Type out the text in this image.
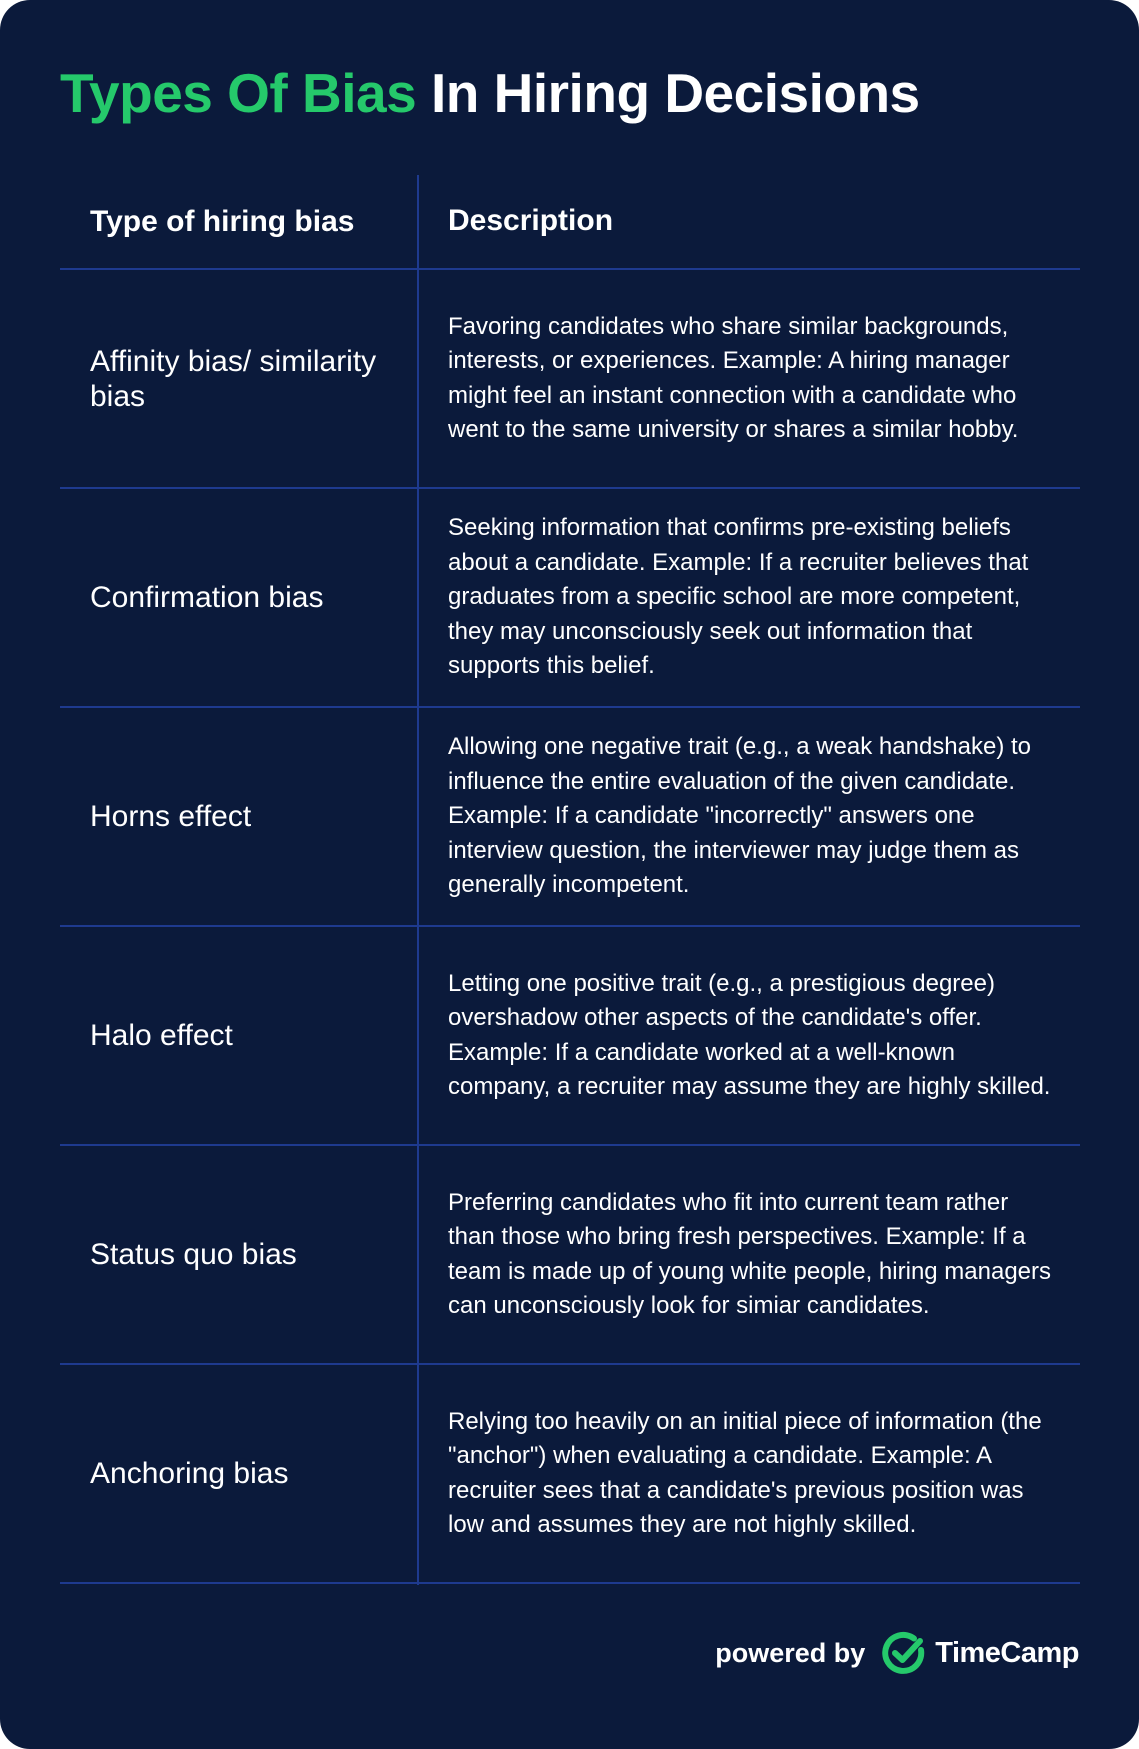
Types Of Bias In Hiring Decisions
Type of hiring bias	Description
Affinity bias/ similarity bias
Favoring candidates who share similar backgrounds, interests, or experiences. Example: A hiring manager might feel an instant connection with a candidate who went to the same university or shares a similar hobby.
Confirmation bias
Seeking information that confirms pre-existing beliefs about a candidate. Example: If a recruiter believes that graduates from a specific school are more competent, they may unconsciously seek out information that supports this belief.
Horns effect
Allowing one negative trait (e.g., a weak handshake) to influence the entire evaluation of the given candidate. Example: If a candidate "incorrectly" answers one interview question, the interviewer may judge them as generally incompetent.
Halo effect
Letting one positive trait (e.g., a prestigious degree) overshadow other aspects of the candidate's offer. Example: If a candidate worked at a well-known company, a recruiter may assume they are highly skilled.
Status quo bias
Preferring candidates who fit into current team rather than those who bring fresh perspectives. Example: If a team is made up of young white people, hiring managers can unconsciously look for simiar candidates.
Anchoring bias
Relying too heavily on an initial piece of information (the "anchor") when evaluating a candidate. Example: A recruiter sees that a candidate's previous position was low and assumes they are not highly skilled.
powered by TimeCamp
